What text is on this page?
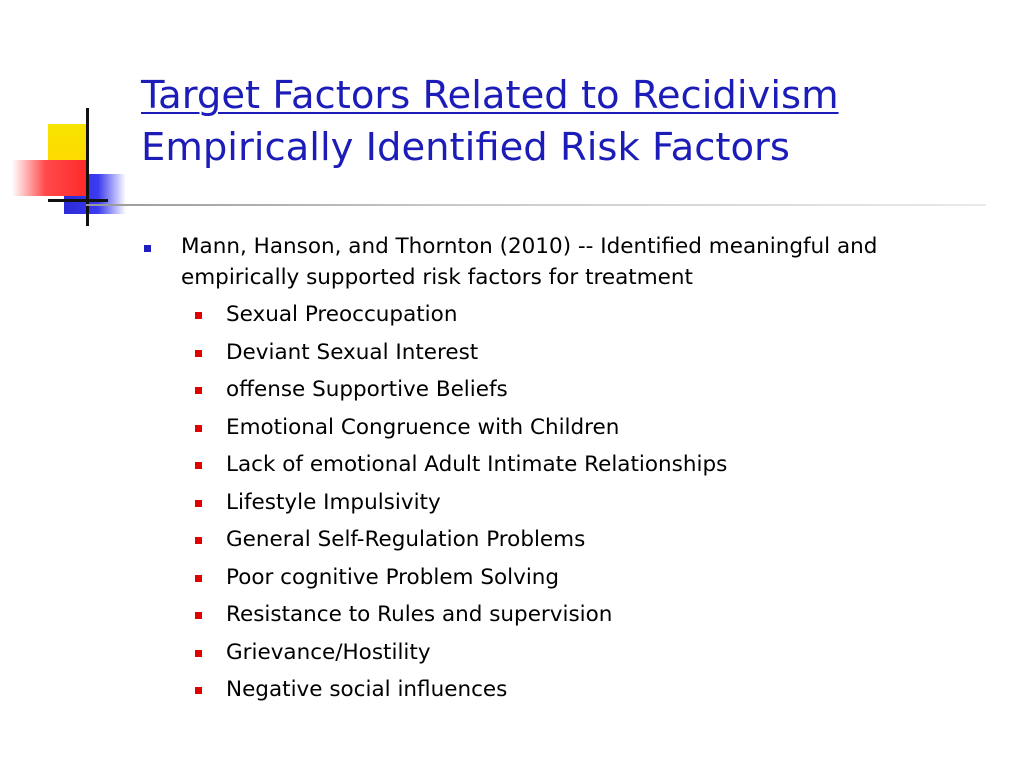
Target Factors Related to Recidivism
Empirically Identified Risk Factors
Mann, Hanson, and Thornton (2010) -- Identified meaningful and empirically supported risk factors for treatment
Sexual Preoccupation
Deviant Sexual Interest
offense Supportive Beliefs
Emotional Congruence with Children
Lack of emotional Adult Intimate Relationships
Lifestyle Impulsivity
General Self-Regulation Problems
Poor cognitive Problem Solving
Resistance to Rules and supervision
Grievance/Hostility
Negative social influences
